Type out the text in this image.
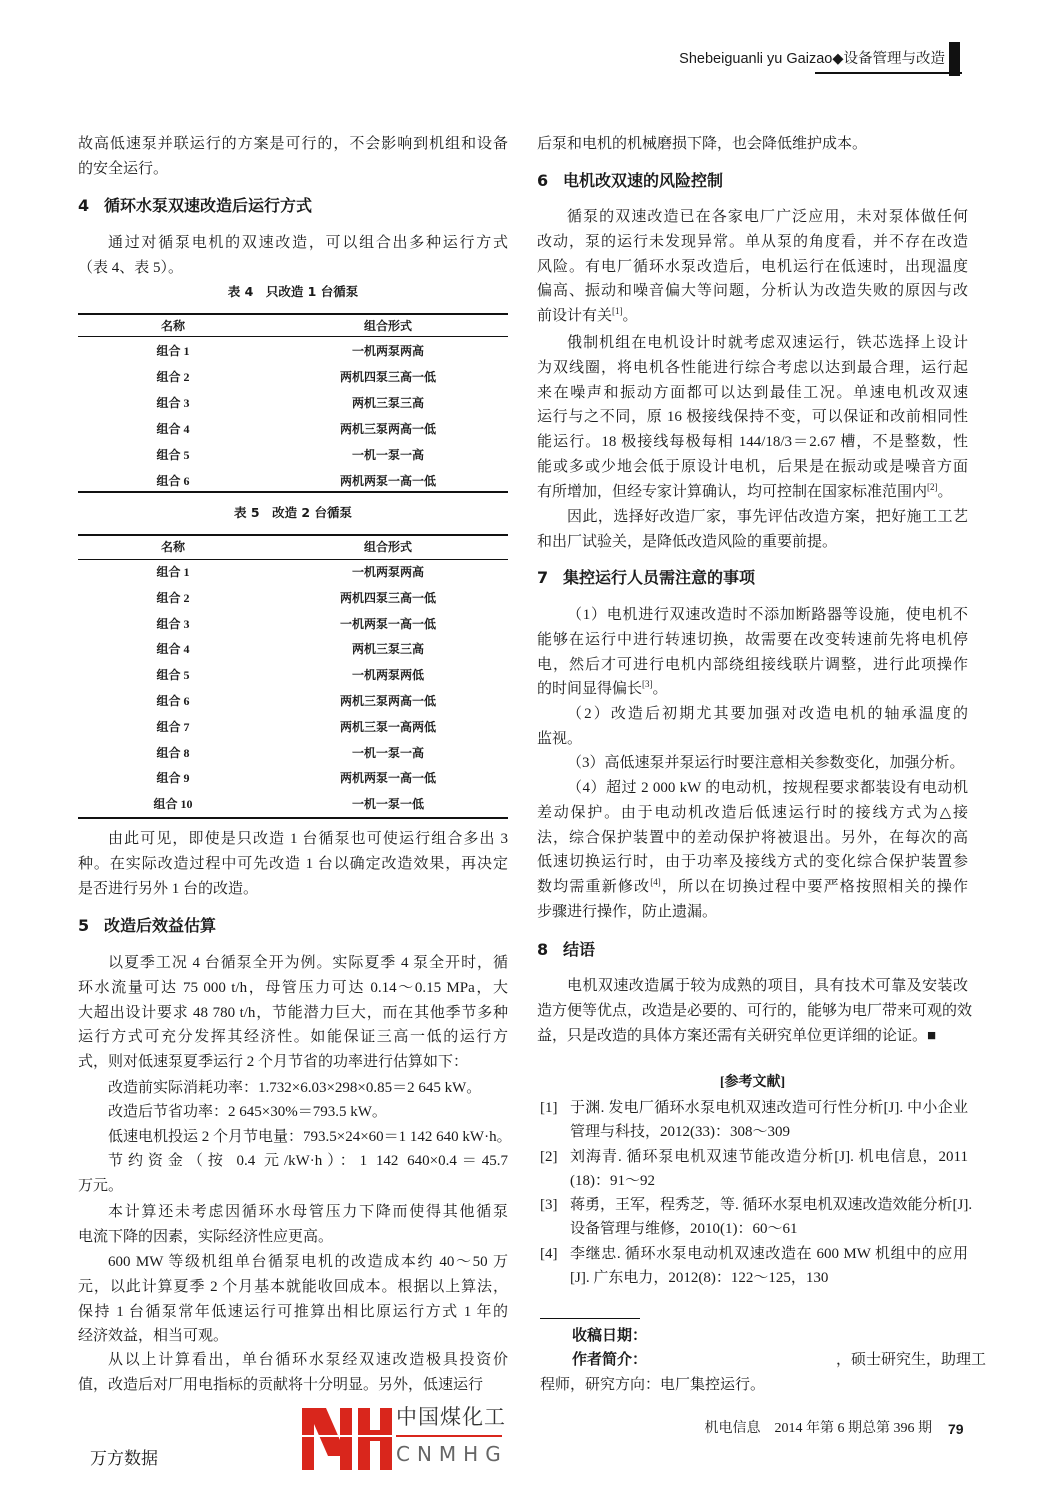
Shebeiguanli yu Gaizao◆设备管理与改造
故高低速泵并联运行的方案是可行的，不会影响到机组和设备
的安全运行。
4 循环水泵双速改造后运行方式
通过对循泵电机的双速改造，可以组合出多种运行方式
（表 4、表 5）。
表 4　只改造 1 台循泵
名称	组合形式
组合 1	一机两泵两高
组合 2	两机四泵三高一低
组合 3	两机三泵三高
组合 4	两机三泵两高一低
组合 5	一机一泵一高
组合 6	两机两泵一高一低
表 5　改造 2 台循泵
名称	组合形式
组合 1	一机两泵两高
组合 2	两机四泵三高一低
组合 3	一机两泵一高一低
组合 4	两机三泵三高
组合 5	一机两泵两低
组合 6	两机三泵两高一低
组合 7	两机三泵一高两低
组合 8	一机一泵一高
组合 9	两机两泵一高一低
组合 10	一机一泵一低
由此可见，即使是只改造 1 台循泵也可使运行组合多出 3
种。在实际改造过程中可先改造 1 台以确定改造效果，再决定
是否进行另外 1 台的改造。
5 改造后效益估算
以夏季工况 4 台循泵全开为例。实际夏季 4 泵全开时，循
环水流量可达 75 000 t/h，母管压力可达 0.14～0.15 MPa，大
大超出设计要求 48 780 t/h，节能潜力巨大，而在其他季节多种
运行方式可充分发挥其经济性。如能保证三高一低的运行方
式，则对低速泵夏季运行 2 个月节省的功率进行估算如下：
改造前实际消耗功率：1.732×6.03×298×0.85＝2 645 kW。
改造后节省功率：2 645×30%＝793.5 kW。
低速电机投运 2 个月节电量：793.5×24×60＝1 142 640 kW·h。
节约资金（按 0.4 元/kW·h）：1 142 640×0.4＝45.7
万元。
本计算还未考虑因循环水母管压力下降而使得其他循泵
电流下降的因素，实际经济性应更高。
600 MW 等级机组单台循泵电机的改造成本约 40～50 万
元，以此计算夏季 2 个月基本就能收回成本。根据以上算法，
保持 1 台循泵常年低速运行可推算出相比原运行方式 1 年的
经济效益，相当可观。
从以上计算看出，单台循环水泵经双速改造极具投资价
值，改造后对厂用电指标的贡献将十分明显。另外，低速运行
后泵和电机的机械磨损下降，也会降低维护成本。
6 电机改双速的风险控制
循泵的双速改造已在各家电厂广泛应用，未对泵体做任何
改动，泵的运行未发现异常。单从泵的角度看，并不存在改造
风险。有电厂循环水泵改造后，电机运行在低速时，出现温度
偏高、振动和噪音偏大等问题，分析认为改造失败的原因与改
前设计有关[1]。
俄制机组在电机设计时就考虑双速运行，铁芯选择上设计
为双线圈，将电机各性能进行综合考虑以达到最合理，运行起
来在噪声和振动方面都可以达到最佳工况。单速电机改双速
运行与之不同，原 16 极接线保持不变，可以保证和改前相同性
能运行。18 极接线每极每相 144/18/3＝2.67 槽，不是整数，性
能或多或少地会低于原设计电机，后果是在振动或是噪音方面
有所增加，但经专家计算确认，均可控制在国家标准范围内[2]。
因此，选择好改造厂家，事先评估改造方案，把好施工工艺
和出厂试验关，是降低改造风险的重要前提。
7 集控运行人员需注意的事项
（1）电机进行双速改造时不添加断路器等设施，使电机不
能够在运行中进行转速切换，故需要在改变转速前先将电机停
电，然后才可进行电机内部绕组接线联片调整，进行此项操作
的时间显得偏长[3]。
（2）改造后初期尤其要加强对改造电机的轴承温度的
监视。
（3）高低速泵并泵运行时要注意相关参数变化，加强分析。
（4）超过 2 000 kW 的电动机，按规程要求都装设有电动机
差动保护。由于电动机改造后低速运行时的接线方式为△接
法，综合保护装置中的差动保护将被退出。另外，在每次的高
低速切换运行时，由于功率及接线方式的变化综合保护装置参
数均需重新修改[4]，所以在切换过程中要严格按照相关的操作
步骤进行操作，防止遗漏。
8 结语
电机双速改造属于较为成熟的项目，具有技术可靠及安装改
造方便等优点，改造是必要的、可行的，能够为电厂带来可观的效
益，只是改造的具体方案还需有关研究单位更详细的论证。■
[1] 于渊. 发电厂循环水泵电机双速改造可行性分析[J]. 中小企业
管理与科技，2012(33)：308～309
[2] 刘海青. 循环泵电机双速节能改造分析[J]. 机电信息，2011
(18)：91～92
[3] 蒋勇，王军，程秀芝，等. 循环水泵电机双速改造效能分析[J].
设备管理与维修，2010(1)：60～61
[4] 李继忠. 循环水泵电动机双速改造在 600 MW 机组中的应用
[J]. 广东电力，2012(8)：122～125，130
[参考文献]
收稿日期：
作者简介：	，硕士研究生，助理工
程师，研究方向：电厂集控运行。
中国煤化工
CNMHG
机电信息　2014 年第 6 期总第 396 期 79
万方数据
